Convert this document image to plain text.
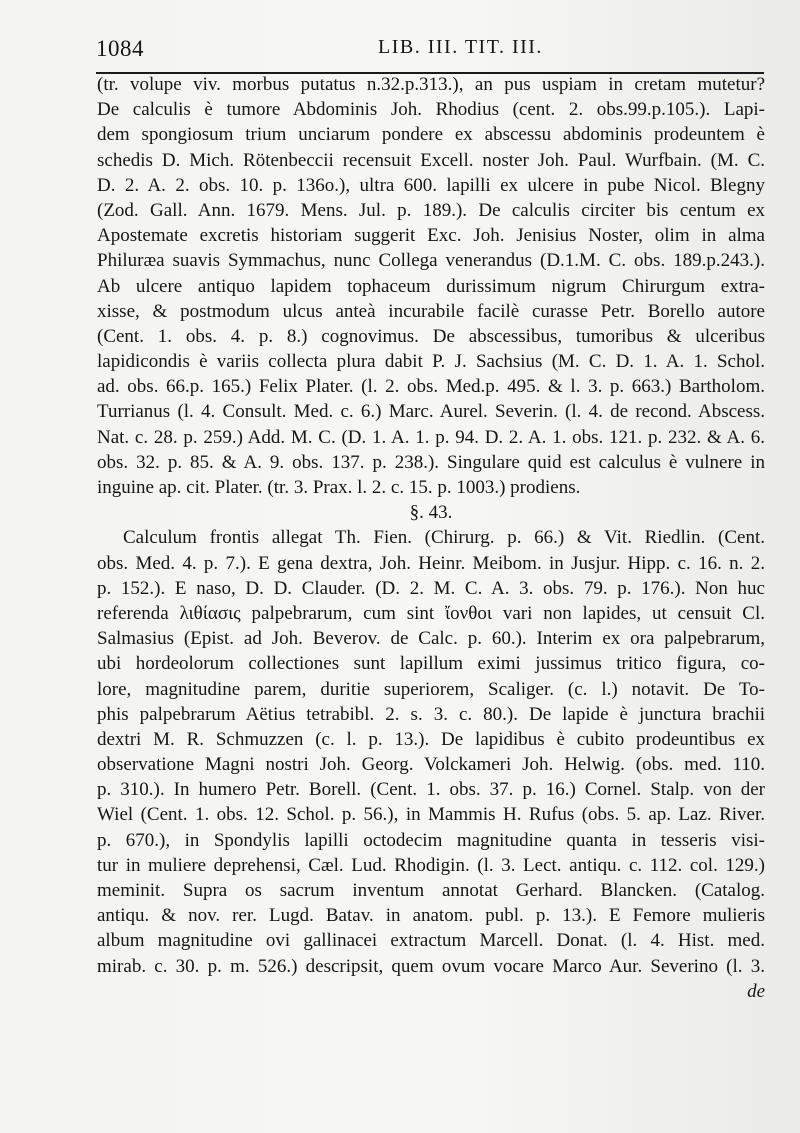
1084	LIB. III. TIT. III.
(tr. volupe viv. morbus putatus n.32.p.313.), an pus uspiam in cretam mutetur?
De calculis è tumore Abdominis Joh. Rhodius (cent. 2. obs.99.p.105.). Lapi-
dem spongiosum trium unciarum pondere ex abscessu abdominis prodeuntem è
schedis D. Mich. Rötenbeccii recensuit Excell. noster Joh. Paul. Wurfbain. (M. C.
D. 2. A. 2. obs. 10. p. 136o.), ultra 600. lapilli ex ulcere in pube Nicol. Blegny
(Zod. Gall. Ann. 1679. Mens. Jul. p. 189.). De calculis circiter bis centum ex
Apostemate excretis historiam suggerit Exc. Joh. Jenisius Noster, olim in alma
Philuræa suavis Symmachus, nunc Collega venerandus (D.1.M. C. obs. 189.p.243.).
Ab ulcere antiquo lapidem tophaceum durissimum nigrum Chirurgum extra-
xisse, & postmodum ulcus anteà incurabile facilè curasse Petr. Borello autore
(Cent. 1. obs. 4. p. 8.) cognovimus. De abscessibus, tumoribus & ulceribus
lapidicondis è variis collecta plura dabit P. J. Sachsius (M. C. D. 1. A. 1. Schol.
ad. obs. 66.p. 165.) Felix Plater. (l. 2. obs. Med.p. 495. & l. 3. p. 663.) Bartholom.
Turrianus (l. 4. Consult. Med. c. 6.) Marc. Aurel. Severin. (l. 4. de recond. Abscess.
Nat. c. 28. p. 259.) Add. M. C. (D. 1. A. 1. p. 94. D. 2. A. 1. obs. 121. p. 232. & A. 6.
obs. 32. p. 85. & A. 9. obs. 137. p. 238.). Singulare quid est calculus è vulnere in
inguine ap. cit. Plater. (tr. 3. Prax. l. 2. c. 15. p. 1003.) prodiens.
§. 43.
Calculum frontis allegat Th. Fien. (Chirurg. p. 66.) & Vit. Riedlin. (Cent.
obs. Med. 4. p. 7.). E gena dextra, Joh. Heinr. Meibom. in Jusjur. Hipp. c. 16. n. 2.
p. 152.). E naso, D. D. Clauder. (D. 2. M. C. A. 3. obs. 79. p. 176.). Non huc
referenda λιθίασις palpebrarum, cum sint ἴονθοι vari non lapides, ut censuit Cl.
Salmasius (Epist. ad Joh. Beverov. de Calc. p. 60.). Interim ex ora palpebrarum,
ubi hordeolorum collectiones sunt lapillum eximi jussimus tritico figura, co-
lore, magnitudine parem, duritie superiorem, Scaliger. (c. l.) notavit. De To-
phis palpebrarum Aëtius tetrabibl. 2. s. 3. c. 80.). De lapide è junctura brachii
dextri M. R. Schmuzzen (c. l. p. 13.). De lapidibus è cubito prodeuntibus ex
observatione Magni nostri Joh. Georg. Volckameri Joh. Helwig. (obs. med. 110.
p. 310.). In humero Petr. Borell. (Cent. 1. obs. 37. p. 16.) Cornel. Stalp. von der
Wiel (Cent. 1. obs. 12. Schol. p. 56.), in Mammis H. Rufus (obs. 5. ap. Laz. River.
p. 670.), in Spondylis lapilli octodecim magnitudine quanta in tesseris visi-
tur in muliere deprehensi, Cæl. Lud. Rhodigin. (l. 3. Lect. antiqu. c. 112. col. 129.)
meminit. Supra os sacrum inventum annotat Gerhard. Blancken. (Catalog.
antiqu. & nov. rer. Lugd. Batav. in anatom. publ. p. 13.). E Femore mulieris
album magnitudine ovi gallinacei extractum Marcell. Donat. (l. 4. Hist. med.
mirab. c. 30. p. m. 526.) descripsit, quem ovum vocare Marco Aur. Severino (l. 3.
de
